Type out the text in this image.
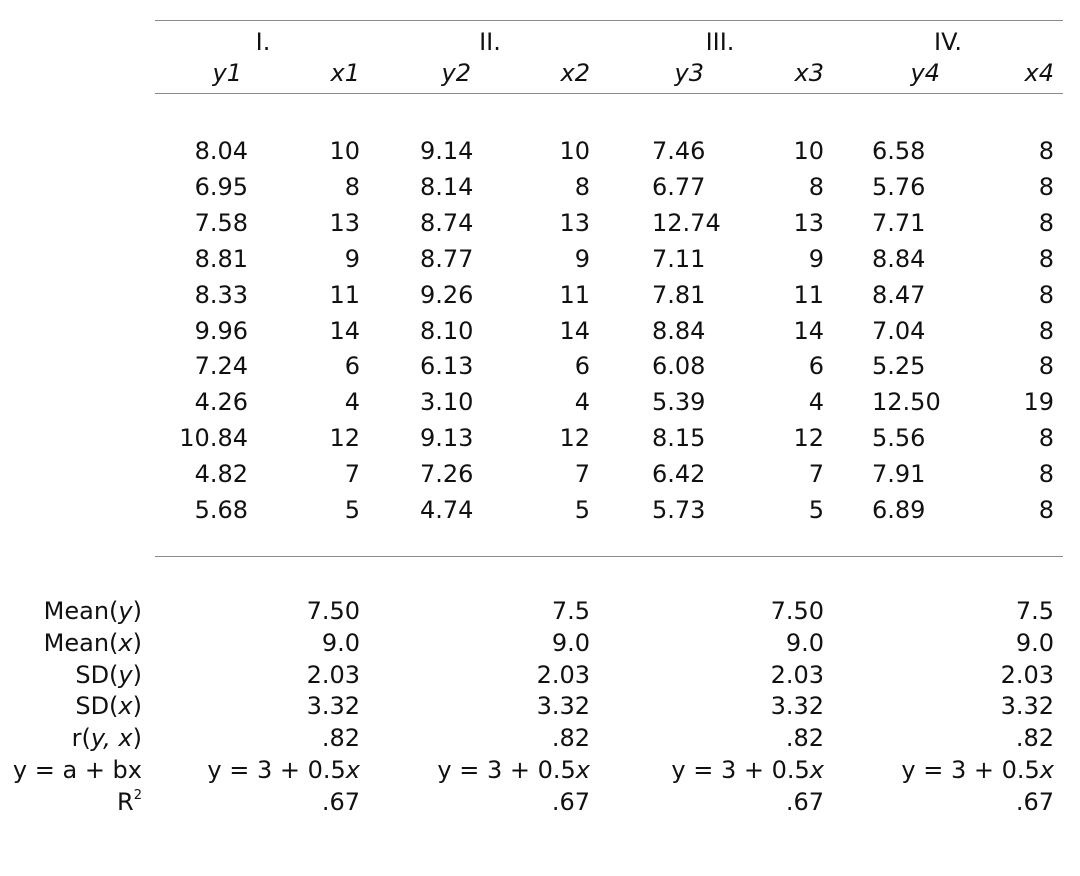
I.	II.	III.	IV.
y1	x1	y2	x2	y3	x3	y4	x4
8.04	10	9.14	10	7.46	10 6.58	8
6.95	8	8.14	8	6.77	8 5.76	8
7.58	13	8.74	13	12.74	13 7.71	8
8.81	9	8.77	9	7.11	9 8.84	8
8.33	11	9.26	11	7.81	11 8.47	8
9.96	14	8.10	14	8.84	14 7.04	8
7.24	6	6.13	6	6.08	6 5.25	8
4.26	4	3.10	4	5.39	4 12.50	19
10.84	12	9.13	12	8.15	12 5.56	8
4.82	7	7.26	7	6.42	7 7.91	8
5.68	5	4.74	5	5.73	5 6.89	8
Mean(y)	7.50	7.5	7.50	7.5
Mean(x)	9.0	9.0	9.0	9.0
SD(y)	2.03	2.03	2.03	2.03
SD(x)	3.32	3.32	3.32	3.32
r(y, x)	.82	.82	.82	.82
y = a + bx	y = 3 + 0.5x	y = 3 + 0.5x	y = 3 + 0.5x	y = 3 + 0.5x
$R^2$	.67	.67	.67	.67
